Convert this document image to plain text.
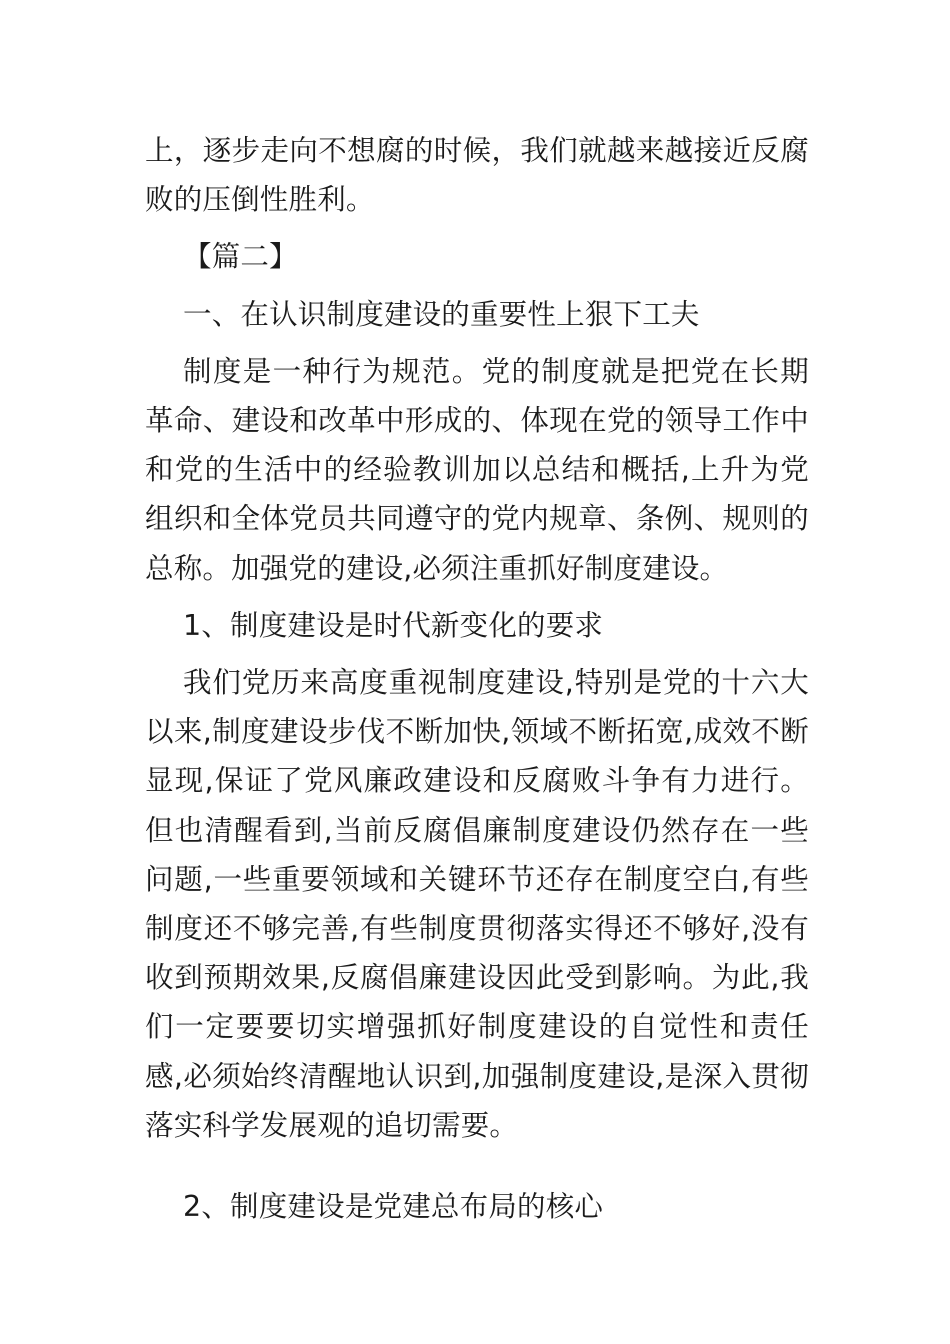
上，逐步走向不想腐的时候，我们就越来越接近反腐败的压倒性胜利。

【篇二】

一、在认识制度建设的重要性上狠下工夫

制度是一种行为规范。党的制度就是把党在长期革命、建设和改革中形成的、体现在党的领导工作中和党的生活中的经验教训加以总结和概括,上升为党组织和全体党员共同遵守的党内规章、条例、规则的总称。加强党的建设,必须注重抓好制度建设。

1、制度建设是时代新变化的要求

我们党历来高度重视制度建设,特别是党的十六大以来,制度建设步伐不断加快,领域不断拓宽,成效不断显现,保证了党风廉政建设和反腐败斗争有力进行。但也清醒看到,当前反腐倡廉制度建设仍然存在一些问题,一些重要领域和关键环节还存在制度空白,有些制度还不够完善,有些制度贯彻落实得还不够好,没有收到预期效果,反腐倡廉建设因此受到影响。为此,我们一定要要切实增强抓好制度建设的自觉性和责任感,必须始终清醒地认识到,加强制度建设,是深入贯彻落实科学发展观的追切需要。

2、制度建设是党建总布局的核心
